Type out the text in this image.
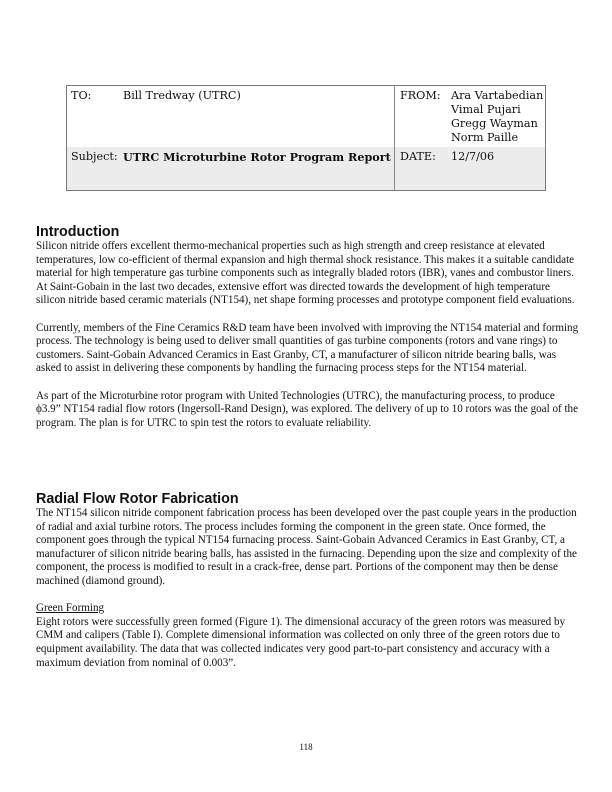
TO:	Bill Tredway (UTRC)	FROM: Ara Vartabedian
Vimal Pujari
Gregg Wayman
Norm Paille
Subject: UTRC Microturbine Rotor Program Report DATE: 12/7/06
Introduction

Silicon nitride offers excellent thermo-mechanical properties such as high strength and creep resistance at elevated temperatures, low co-efficient of thermal expansion and high thermal shock resistance. This makes it a suitable candidate material for high temperature gas turbine components such as integrally bladed rotors (IBR), vanes and combustor liners. At Saint-Gobain in the last two decades, extensive effort was directed towards the development of high temperature silicon nitride based ceramic materials (NT154), net shape forming processes and prototype component field evaluations.

Currently, members of the Fine Ceramics R&D team have been involved with improving the NT154 material and forming process. The technology is being used to deliver small quantities of gas turbine components (rotors and vane rings) to customers. Saint-Gobain Advanced Ceramics in East Granby, CT, a manufacturer of silicon nitride bearing balls, was asked to assist in delivering these components by handling the furnacing process steps for the NT154 material.

As part of the Microturbine rotor program with United Technologies (UTRC), the manufacturing process, to produce ϕ3.9” NT154 radial flow rotors (Ingersoll-Rand Design), was explored. The delivery of up to 10 rotors was the goal of the program. The plan is for UTRC to spin test the rotors to evaluate reliability.

Radial Flow Rotor Fabrication

The NT154 silicon nitride component fabrication process has been developed over the past couple years in the production of radial and axial turbine rotors. The process includes forming the component in the green state. Once formed, the component goes through the typical NT154 furnacing process. Saint-Gobain Advanced Ceramics in East Granby, CT, a manufacturer of silicon nitride bearing balls, has assisted in the furnacing. Depending upon the size and complexity of the component, the process is modified to result in a crack-free, dense part. Portions of the component may then be dense machined (diamond ground).

Green Forming

Eight rotors were successfully green formed (Figure 1). The dimensional accuracy of the green rotors was measured by CMM and calipers (Table I). Complete dimensional information was collected on only three of the green rotors due to equipment availability. The data that was collected indicates very good part-to-part consistency and accuracy with a maximum deviation from nominal of 0.003”.

118
